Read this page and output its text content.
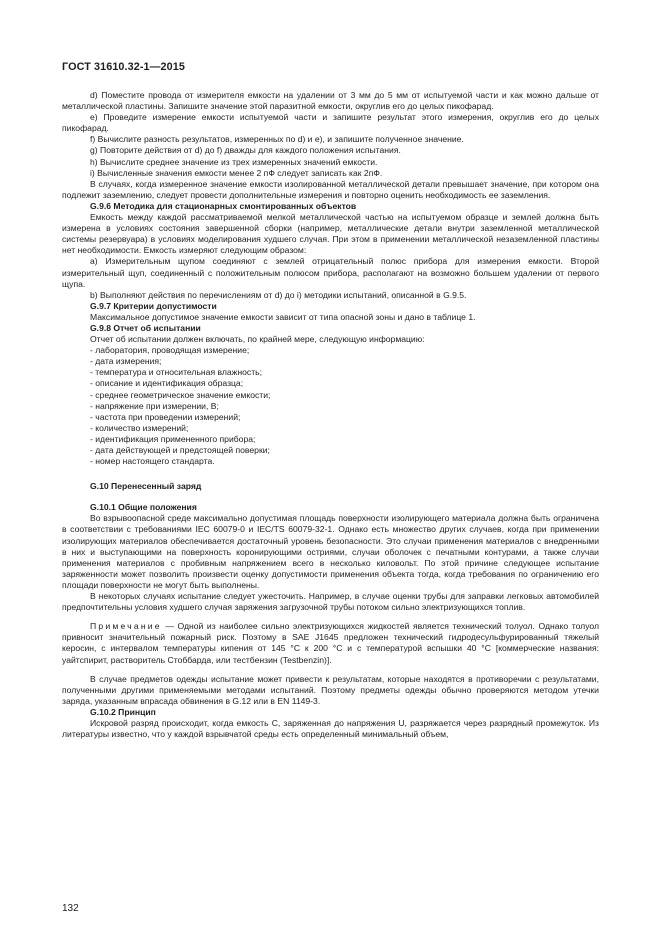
ГОСТ 31610.32-1—2015

d) Поместите провода от измерителя емкости на удалении от 3 мм до 5 мм от испытуемой части и как можно дальше от металлической пластины. Запишите значение этой паразитной емкости, округлив его до целых пикофарад.

е) Проведите измерение емкости испытуемой части и запишите результат этого измерения, округлив его до целых пикофарад.

f) Вычислите разность результатов, измеренных по d) и е), и запишите полученное значение.

g) Повторите действия от d) до f) дважды для каждого положения испытания.

h) Вычислите среднее значение из трех измеренных значений емкости.

i) Вычисленные значения емкости менее 2 пФ следует записать как 2пФ.

В случаях, когда измеренное значение емкости изолированной металлической детали превышает значение, при котором она подлежит заземлению, следует провести дополнительные измерения и повторно оценить необходимость ее заземления.

G.9.6 Методика для стационарных смонтированных объектов

Емкость между каждой рассматриваемой мелкой металлической частью на испытуемом образце и землей должна быть измерена в условиях состояния завершенной сборки (например, металлические детали внутри заземленной металлической системы резервуара) в условиях моделирования худшего случая. При этом в применении металлической незаземленной пластины нет необходимости. Емкость измеряют следующим образом:

а) Измерительным щупом соединяют с землей отрицательный полюс прибора для измерения емкости. Второй измерительный щуп, соединенный с положительным полюсом прибора, располагают на возможно большем удалении от первого щупа.

b) Выполняют действия по перечислениям от d) до i) методики испытаний, описанной в G.9.5.

G.9.7 Критерии допустимости

Максимальное допустимое значение емкости зависит от типа опасной зоны и дано в таблице 1.

G.9.8 Отчет об испытании

Отчет об испытании должен включать, по крайней мере, следующую информацию:

- лаборатория, проводящая измерение;
- дата измерения;
- температура и относительная влажность;
- описание и идентификация образца;
- среднее геометрическое значение емкости;
- напряжение при измерении, В;
- частота при проведении измерений;
- количество измерений;
- идентификация примененного прибора;
- дата действующей и предстоящей поверки;
- номер настоящего стандарта.

G.10 Перенесенный заряд

G.10.1 Общие положения

Во взрывоопасной среде максимально допустимая площадь поверхности изолирующего материала должна быть ограничена в соответствии с требованиями IEC 60079-0 и IEC/TS 60079-32-1. Однако есть множество других случаев, когда при применении изолирующих материалов обеспечивается достаточный уровень безопасности. Это случаи применения материалов с внедренными в них и выступающими на поверхность коронирующими остриями, случаи оболочек с печатными контурами, а также случаи применения материалов с пробивным напряжением всего в несколько киловольт. По этой причине следующее испытание заряженности может позволить произвести оценку допустимости применения объекта тогда, когда требования по ограничению его площади поверхности не могут быть выполнены.

В некоторых случаях испытание следует ужесточить. Например, в случае оценки трубы для заправки легковых автомобилей предпочтительны условия худшего случая заряжения загрузочной трубы потоком сильно электризующихся топлив.

Примечание — Одной из наиболее сильно электризующихся жидкостей является технический толуол. Однако толуол привносит значительный пожарный риск. Поэтому в SAE J1645 предложен технический гидродесульфурированный тяжелый керосин, с интервалом температуры кипения от 145 °С к 200 °С и с температурой вспышки 40 °С [коммерческие названия: уайтспирит, растворитель Стоббарда, или тестбензин (Testbenzin)].

В случае предметов одежды испытание может привести к результатам, которые находятся в противоречии с результатами, полученными другими применяемыми методами испытаний. Поэтому предметы одежды обычно проверяются методом утечки заряда, указанным впрасада обвинения в G.12 или в EN 1149-3.

G.10.2 Принцип

Искровой разряд происходит, когда емкость C, заряженная до напряжения U, разряжается через разрядный промежуток. Из литературы известно, что у каждой взрывчатой среды есть определенный минимальный объем,

132
